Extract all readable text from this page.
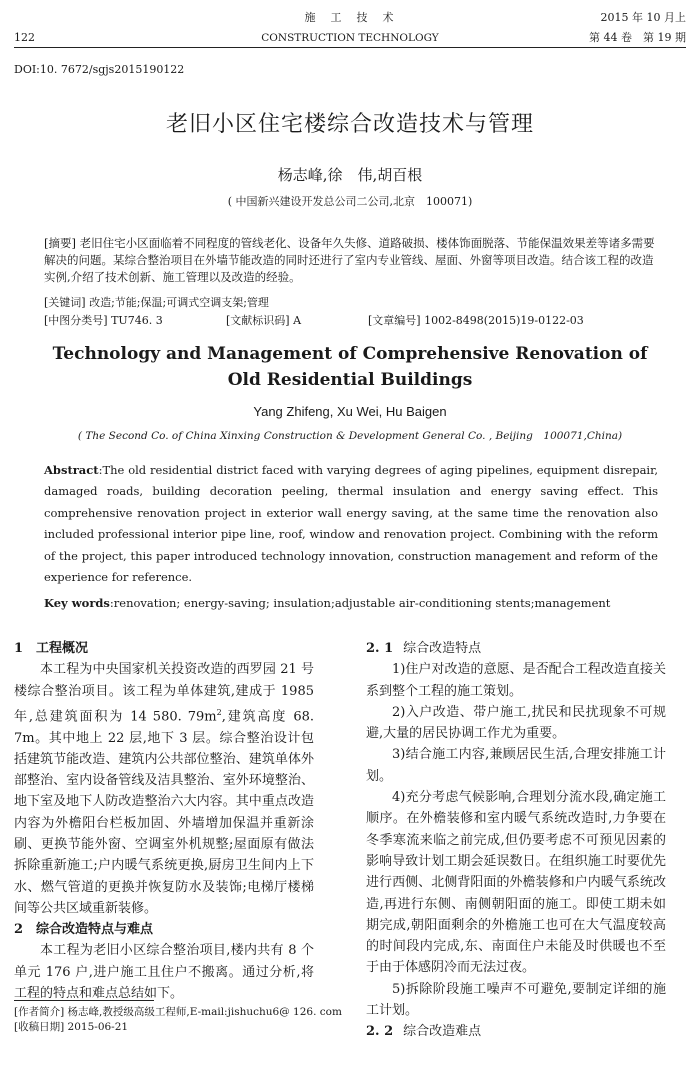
122
施　工　技　术
CONSTRUCTION TECHNOLOGY
2015 年 10 月上
第 44 卷　第 19 期
DOI:10. 7672/sgjs2015190122
老旧小区住宅楼综合改造技术与管理
杨志峰,徐　伟,胡百根
( 中国新兴建设开发总公司二公司,北京　100071)
[摘要] 老旧住宅小区面临着不同程度的管线老化、设备年久失修、道路破损、楼体饰面脱落、节能保温效果差等诸多需要解决的问题。某综合整治项目在外墙节能改造的同时还进行了室内专业管线、屋面、外窗等项目改造。结合该工程的改造实例,介绍了技术创新、施工管理以及改造的经验。
[关键词] 改造;节能;保温;可调式空调支架;管理
[中图分类号] TU746. 3	[文献标识码] A	[文章编号] 1002-8498(2015)19-0122-03
Technology and Management of Comprehensive Renovation of
Old Residential Buildings
Yang Zhifeng, Xu Wei, Hu Baigen
( The Second Co. of China Xinxing Construction & Development General Co. , Beijing　100071,China)
Abstract:The old residential district faced with varying degrees of aging pipelines, equipment disrepair, damaged roads, building decoration peeling, thermal insulation and energy saving effect. This comprehensive renovation project in exterior wall energy saving, at the same time the renovation also included professional interior pipe line, roof, window and renovation project. Combining with the reform of the project, this paper introduced technology innovation, construction management and reform of the experience for reference.
Key words:renovation; energy-saving; insulation;adjustable air-conditioning stents;management
1　工程概况

本工程为中央国家机关投资改造的西罗园 21 号楼综合整治项目。该工程为单体建筑,建成于 1985 年,总建筑面积为 14 580. $79m^2$,建筑高度 68. 7m。其中地上 22 层,地下 3 层。综合整治设计包括建筑节能改造、建筑内公共部位整治、建筑单体外部整治、室内设备管线及洁具整治、室外环境整治、地下室及地下人防改造整治六大内容。其中重点改造内容为外檐阳台栏板加固、外墙增加保温并重新涂刷、更换节能外窗、空调室外机规整;屋面原有做法拆除重新施工;户内暖气系统更换,厨房卫生间内上下水、燃气管道的更换并恢复防水及装饰;电梯厅楼梯间等公共区域重新装修。

2　综合改造特点与难点

本工程为老旧小区综合整治项目,楼内共有 8 个单元 176 户,进户施工且住户不搬离。通过分析,将工程的特点和难点总结如下。

[作者简介] 杨志峰,教授级高级工程师,E-mail:jishuchu6@ 126. com
[收稿日期] 2015-06-21
2. 1 综合改造特点

1)住户对改造的意愿、是否配合工程改造直接关系到整个工程的施工策划。

2)入户改造、带户施工,扰民和民扰现象不可规避,大量的居民协调工作尤为重要。

3)结合施工内容,兼顾居民生活,合理安排施工计划。

4)充分考虑气候影响,合理划分流水段,确定施工顺序。在外檐装修和室内暖气系统改造时,力争要在冬季寒流来临之前完成,但仍要考虑不可预见因素的影响导致计划工期会延误数日。在组织施工时要优先进行西侧、北侧背阳面的外檐装修和户内暖气系统改造,再进行东侧、南侧朝阳面的施工。即使工期未如期完成,朝阳面剩余的外檐施工也可在大气温度较高的时间段内完成,东、南面住户未能及时供暖也不至于由于体感阴冷而无法过夜。

5)拆除阶段施工噪声不可避免,要制定详细的施工计划。

2. 2 综合改造难点
